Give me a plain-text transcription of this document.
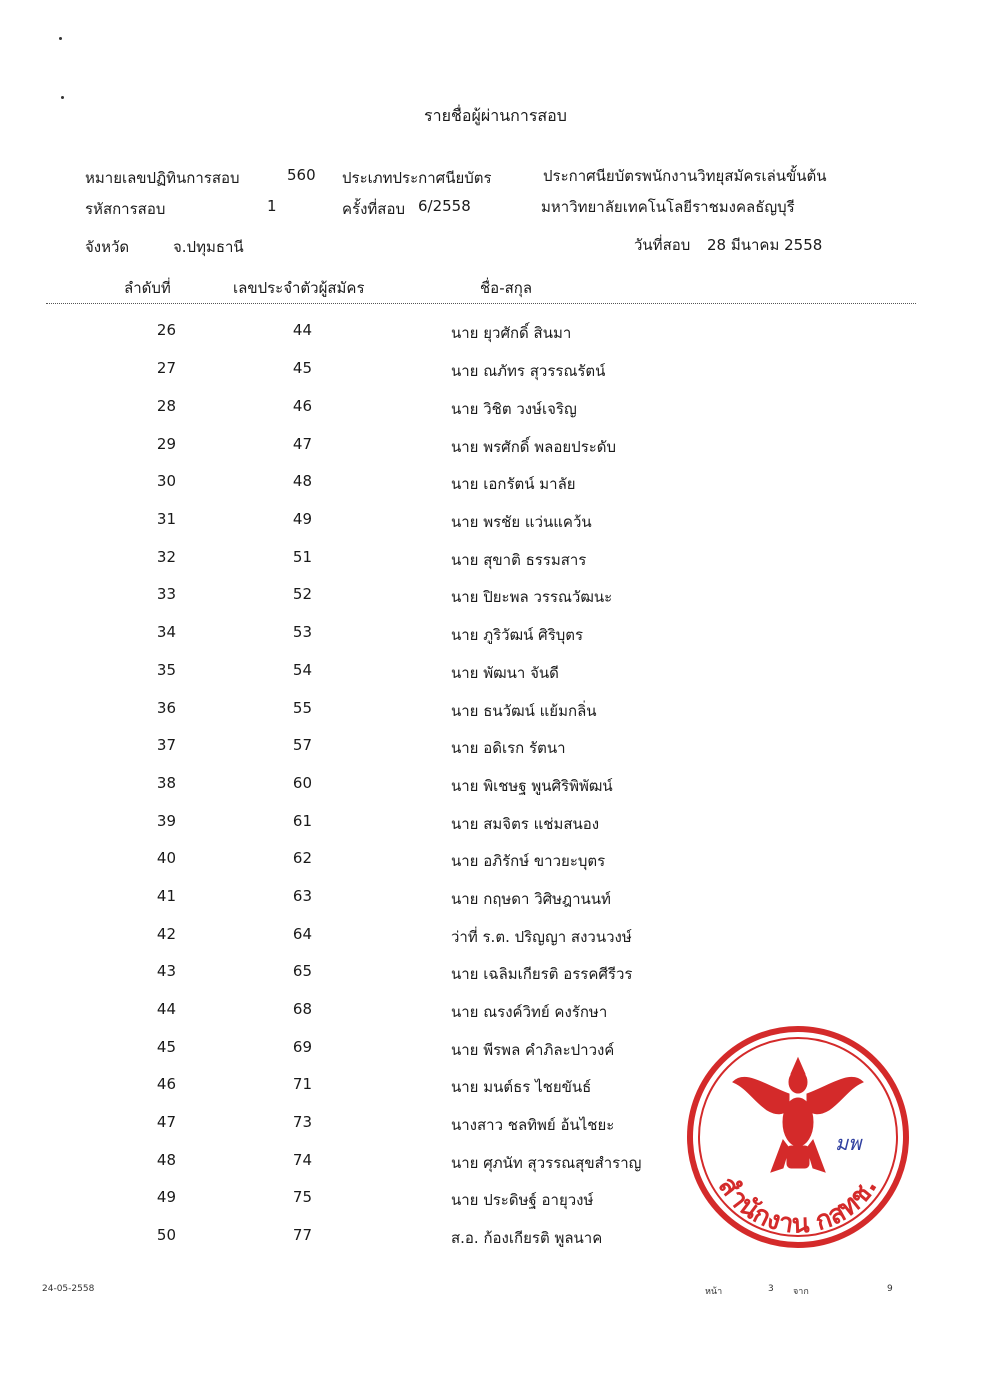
รายชื่อผู้ผ่านการสอบ
หมายเลขปฏิทินการสอบ	560 ประเภทประกาศนียบัตร	ประกาศนียบัตรพนักงานวิทยุสมัครเล่นขั้นต้น
รหัสการสอบ	1	ครั้งที่สอบ 6/2558	มหาวิทยาลัยเทคโนโลยีราชมงคลธัญบุรี
จังหวัด	จ.ปทุมธานี	วันที่สอบ 28 มีนาคม 2558
ลำดับที่	เลขประจำตัวผู้สมัคร	ชื่อ-สกุล
26	44	นาย ยุวศักดิ์ สินมา
27	45	นาย ณภัทร สุวรรณรัตน์
28	46	นาย วิชิต วงษ์เจริญ
29	47	นาย พรศักดิ์ พลอยประดับ
30	48	นาย เอกรัตน์ มาลัย
31	49	นาย พรชัย แว่นแคว้น
32	51	นาย สุขาติ ธรรมสาร
33	52	นาย ปิยะพล วรรณวัฒนะ
34	53	นาย ภูริวัฒน์ ศิริบุตร
35	54	นาย พัฒนา จันดี
36	55	นาย ธนวัฒน์ แย้มกลิ่น
37	57	นาย อดิเรก รัตนา
38	60	นาย พิเชษฐ พูนศิริพิพัฒน์
39	61	นาย สมจิตร แช่มสนอง
40	62	นาย อภิรักษ์ ขาวยะบุตร
41	63	นาย กฤษดา วิศิษฎานนท์
42	64	ว่าที่ ร.ต. ปริญญา สงวนวงษ์
43	65	นาย เฉลิมเกียรติ อรรคศีรีวร
44	68	นาย ณรงค์วิทย์ คงรักษา
45	69	นาย พีรพล คำภิละปาวงค์
46	71	นาย มนต์ธร ไชยขันธ์
47	73	นางสาว ชลทิพย์ อ้นไชยะ
48	74	นาย ศุภนัท สุวรรณสุขสำราญ
49	75	นาย ประดิษฐ์ อายุวงษ์
50	77	ส.อ. ก้องเกียรติ พูลนาค
สำนักงาน กสทช.
มพ
24-05-2558	หน้า	3 จาก	9
